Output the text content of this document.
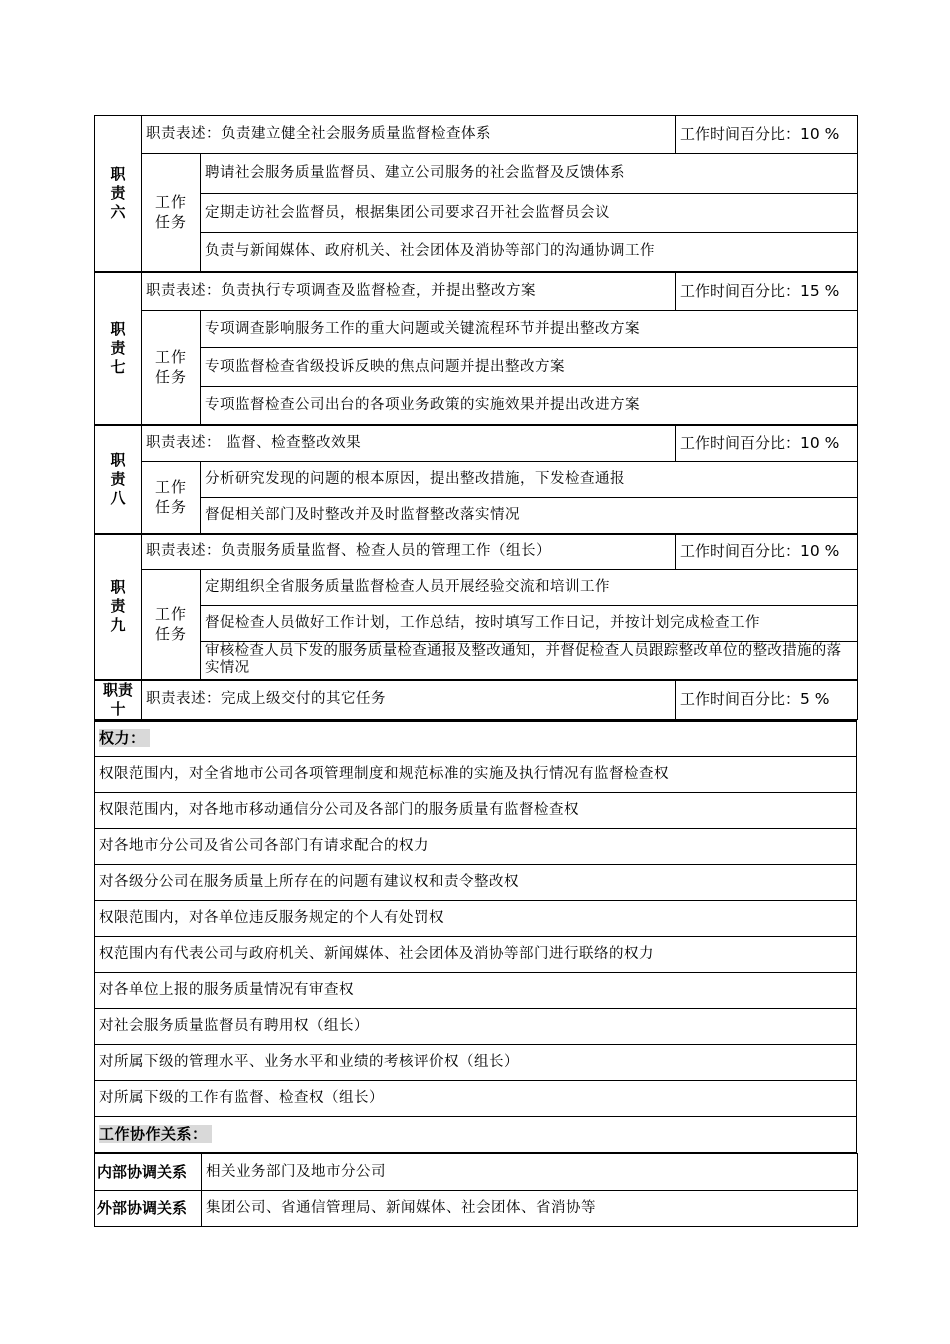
职责六	职责表述：负责建立健全社会服务质量监督检查体系		工作时间百分比：10 %
	工作任务	聘请社会服务质量监督员、建立公司服务的社会监督及反馈体系	
		定期走访社会监督员，根据集团公司要求召开社会监督员会议	
		负责与新闻媒体、政府机关、社会团体及消协等部门的沟通协调工作	
职责七	职责表述：负责执行专项调查及监督检查，并提出整改方案		工作时间百分比：15 %
	工作任务	专项调查影响服务工作的重大问题或关键流程环节并提出整改方案	
		专项监督检查省级投诉反映的焦点问题并提出整改方案	
		专项监督检查公司出台的各项业务政策的实施效果并提出改进方案	
职责八	职责表述： 监督、检查整改效果		工作时间百分比：10 %
	工作任务	分析研究发现的问题的根本原因，提出整改措施，下发检查通报	
		督促相关部门及时整改并及时监督整改落实情况	
职责九	职责表述：负责服务质量监督、检查人员的管理工作（组长）		工作时间百分比：10 %
	工作任务	定期组织全省服务质量监督检查人员开展经验交流和培训工作	
		督促检查人员做好工作计划，工作总结，按时填写工作日记，并按计划完成检查工作	
		审核检查人员下发的服务质量检查通报及整改通知，并督促检查人员跟踪整改单位的整改措施的落实情况	
职责十	职责表述：完成上级交付的其它任务		工作时间百分比：5 %
权力：
权限范围内，对全省地市公司各项管理制度和规范标准的实施及执行情况有监督检查权
权限范围内，对各地市移动通信分公司及各部门的服务质量有监督检查权
对各地市分公司及省公司各部门有请求配合的权力
对各级分公司在服务质量上所存在的问题有建议权和责令整改权
权限范围内，对各单位违反服务规定的个人有处罚权
权范围内有代表公司与政府机关、新闻媒体、社会团体及消协等部门进行联络的权力
对各单位上报的服务质量情况有审查权
对社会服务质量监督员有聘用权（组长）
对所属下级的管理水平、业务水平和业绩的考核评价权（组长）
对所属下级的工作有监督、检查权（组长）
工作协作关系：
内部协调关系	相关业务部门及地市分公司
外部协调关系	集团公司、省通信管理局、新闻媒体、社会团体、省消协等
